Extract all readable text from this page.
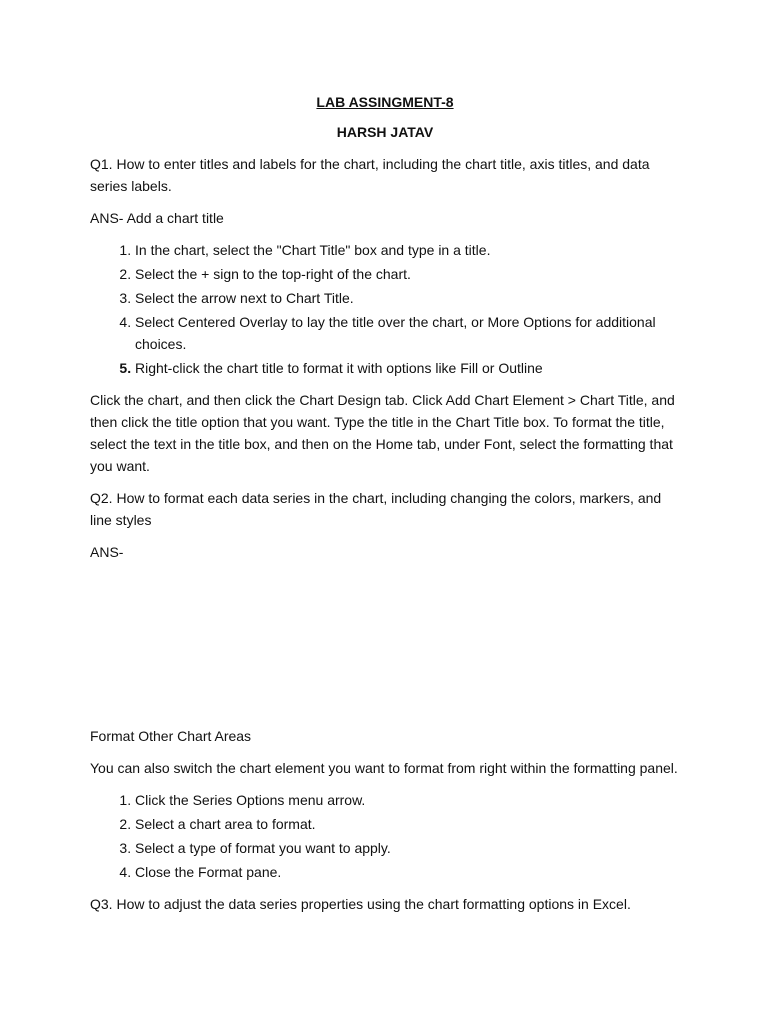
LAB ASSINGMENT-8
HARSH JATAV

Q1. How to enter titles and labels for the chart, including the chart title, axis titles, and data series labels.

ANS- Add a chart title

1. In the chart, select the "Chart Title" box and type in a title.
2. Select the + sign to the top-right of the chart.
3. Select the arrow next to Chart Title.
4. Select Centered Overlay to lay the title over the chart, or More Options for additional choices.
5. Right-click the chart title to format it with options like Fill or Outline

Click the chart, and then click the Chart Design tab. Click Add Chart Element > Chart Title, and then click the title option that you want. Type the title in the Chart Title box. To format the title, select the text in the title box, and then on the Home tab, under Font, select the formatting that you want.

Q2. How to format each data series in the chart, including changing the colors, markers, and line styles

ANS-

Format Other Chart Areas

You can also switch the chart element you want to format from right within the formatting panel.

1. Click the Series Options menu arrow.
2. Select a chart area to format.
3. Select a type of format you want to apply.
4. Close the Format pane.

Q3. How to adjust the data series properties using the chart formatting options in Excel.
